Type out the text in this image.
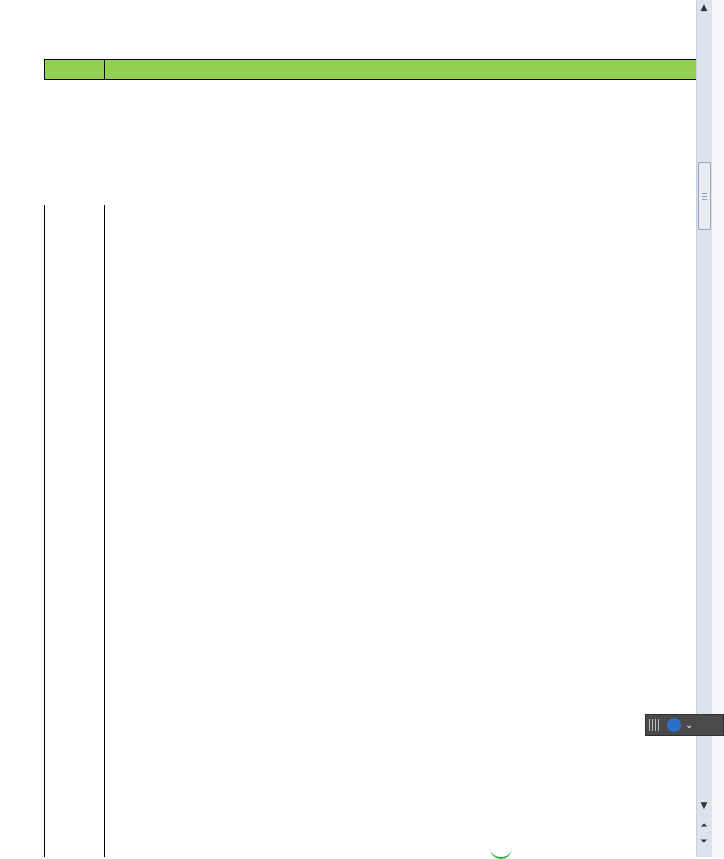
▲
▼
⏶
⏷
⌄
